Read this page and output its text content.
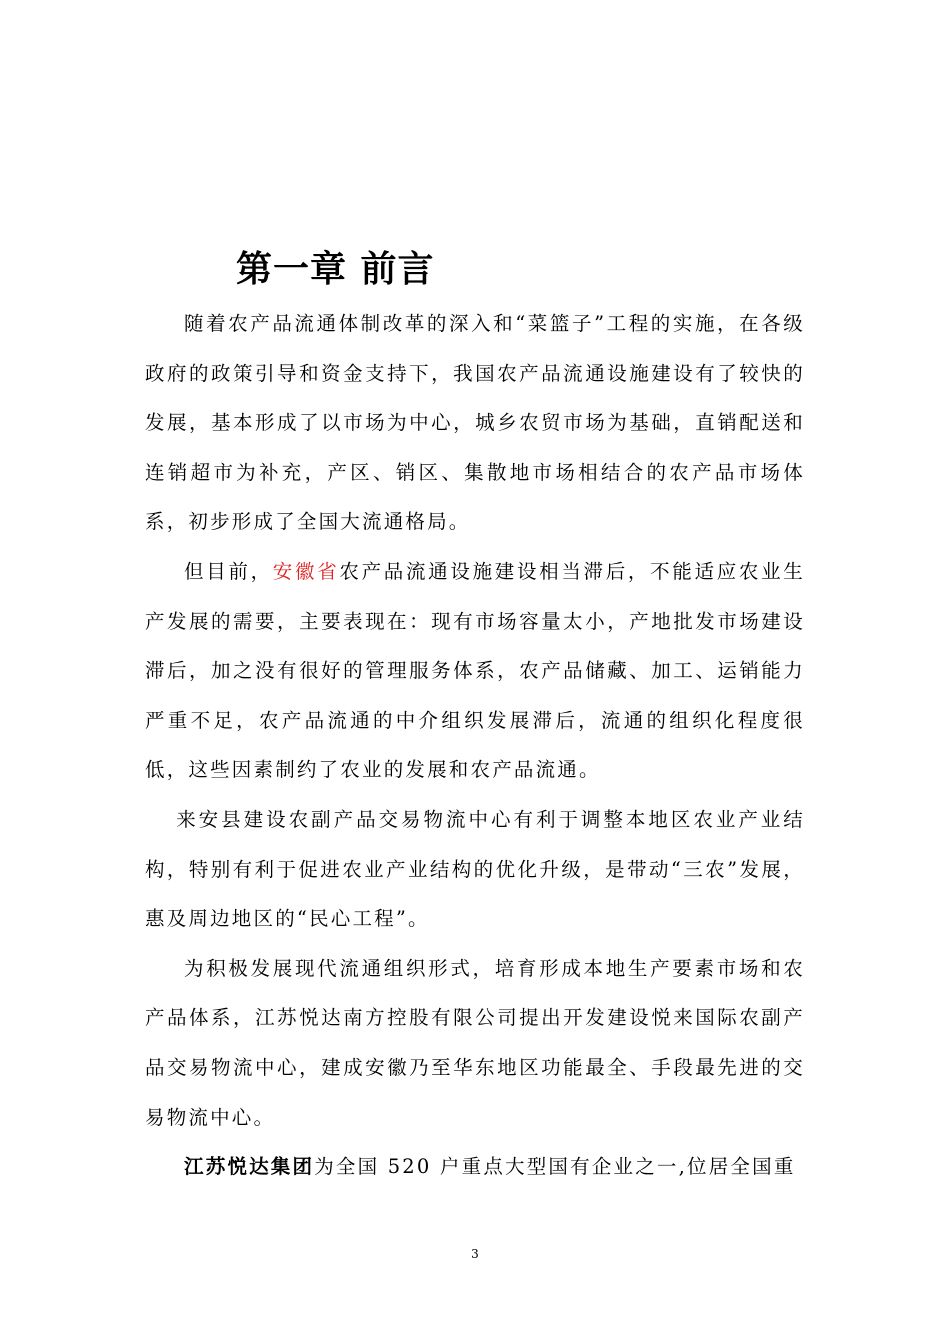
第一章 前言

随着农产品流通体制改革的深入和“菜篮子”工程的实施，在各级政府的政策引导和资金支持下，我国农产品流通设施建设有了较快的发展，基本形成了以市场为中心，城乡农贸市场为基础，直销配送和连销超市为补充，产区、销区、集散地市场相结合的农产品市场体系，初步形成了全国大流通格局。

但目前，安徽省农产品流通设施建设相当滞后，不能适应农业生产发展的需要，主要表现在：现有市场容量太小，产地批发市场建设滞后，加之没有很好的管理服务体系，农产品储藏、加工、运销能力严重不足，农产品流通的中介组织发展滞后，流通的组织化程度很低，这些因素制约了农业的发展和农产品流通。

来安县建设农副产品交易物流中心有利于调整本地区农业产业结构，特别有利于促进农业产业结构的优化升级，是带动“三农”发展，惠及周边地区的“民心工程”。

为积极发展现代流通组织形式，培育形成本地生产要素市场和农产品体系，江苏悦达南方控股有限公司提出开发建设悦来国际农副产品交易物流中心，建成安徽乃至华东地区功能最全、手段最先进的交易物流中心。

江苏悦达集团为全国 520 户重点大型国有企业之一,位居全国重

3
